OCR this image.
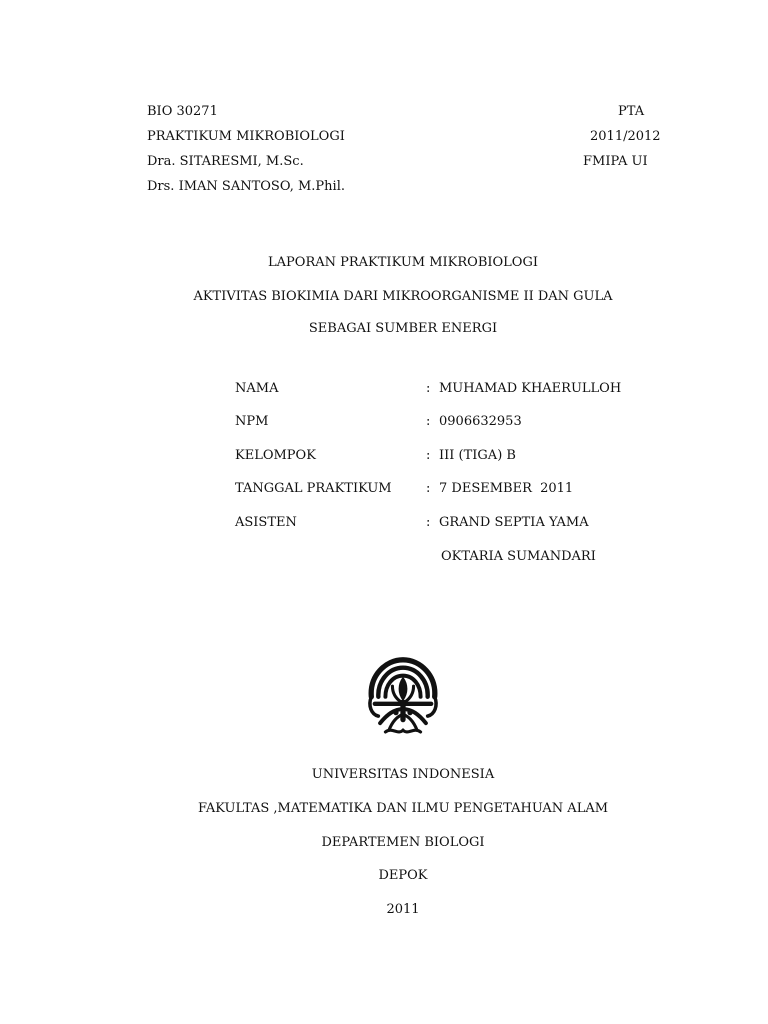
BIO 30271	PTA
PRAKTIKUM MIKROBIOLOGI	2011/2012
Dra. SITARESMI, M.Sc.	FMIPA UI
Drs. IMAN SANTOSO, M.Phil.
LAPORAN PRAKTIKUM MIKROBIOLOGI
AKTIVITAS BIOKIMIA DARI MIKROORGANISME II DAN GULA
SEBAGAI SUMBER ENERGI
NAMA	: MUHAMAD KHAERULLOH
NPM	: 0906632953
KELOMPOK	: III (TIGA) B
TANGGAL PRAKTIKUM	: 7 DESEMBER  2011
ASISTEN	: GRAND SEPTIA YAMA
OKTARIA SUMANDARI
UNIVERSITAS INDONESIA
FAKULTAS ,MATEMATIKA DAN ILMU PENGETAHUAN ALAM
DEPARTEMEN BIOLOGI
DEPOK
2011
